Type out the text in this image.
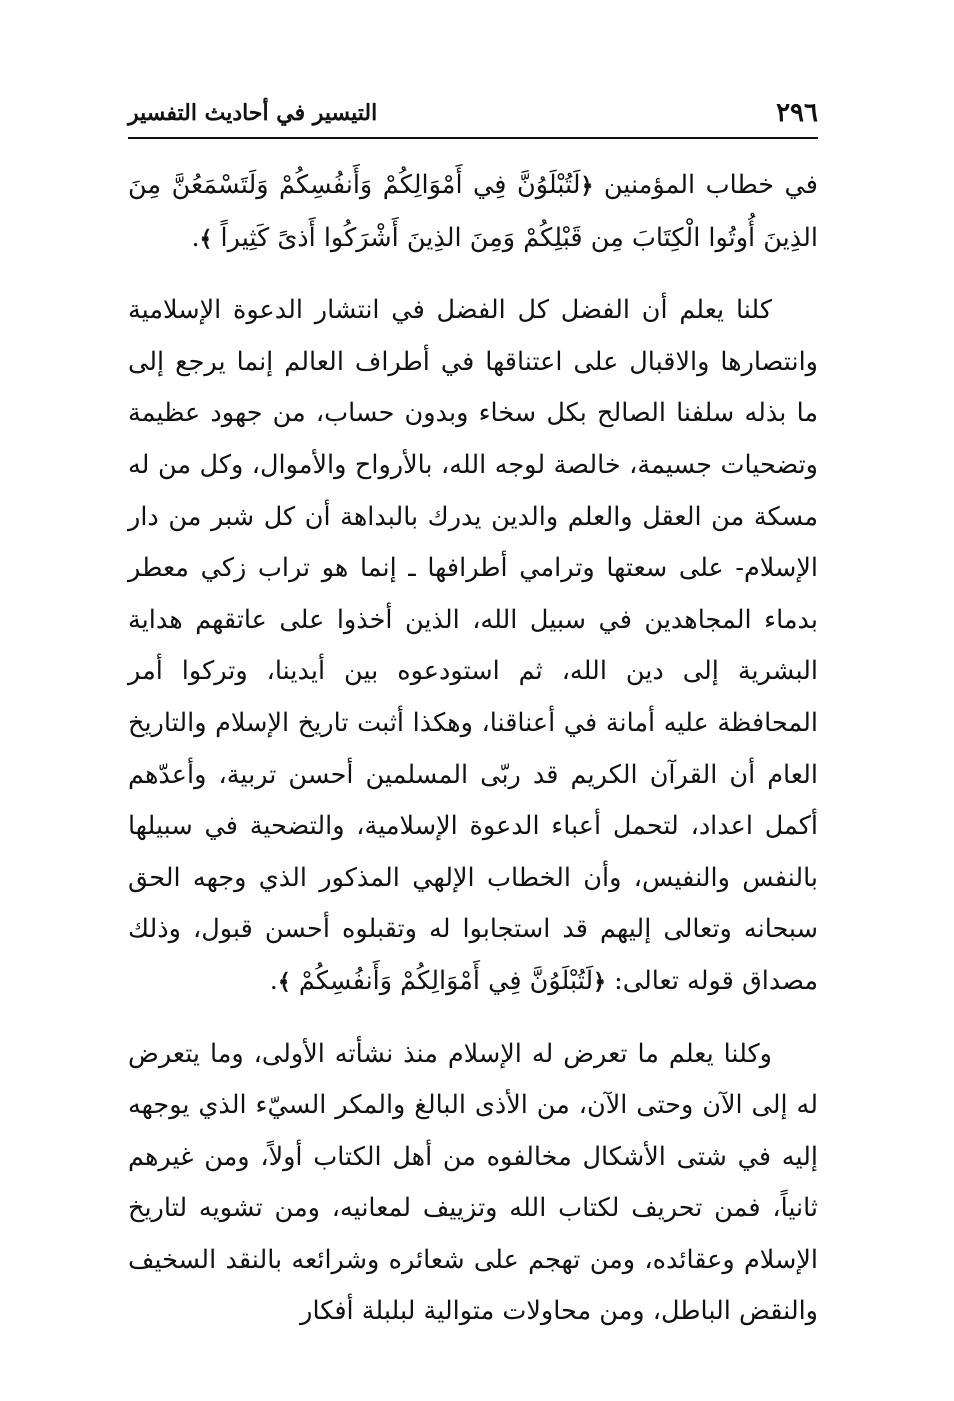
٢٩٦
التيسير في أحاديث التفسير

في خطاب المؤمنين ﴿لَتُبْلَوُنَّ فِي أَمْوَالِكُمْ وَأَنفُسِكُمْ وَلَتَسْمَعُنَّ مِنَ الذِينَ أُوتُوا الْكِتَابَ مِن قَبْلِكُمْ وَمِنَ الذِينَ أَشْرَكُوا أَذىً كَثِيراً ﴾.

كلنا يعلم أن الفضل كل الفضل في انتشار الدعوة الإسلامية وانتصارها والاقبال على اعتناقها في أطراف العالم إنما يرجع إلى ما بذله سلفنا الصالح بكل سخاء وبدون حساب، من جهود عظيمة وتضحيات جسيمة، خالصة لوجه الله، بالأرواح والأموال، وكل من له مسكة من العقل والعلم والدين يدرك بالبداهة أن كل شبر من دار الإسلام- على سعتها وترامي أطرافها ـ إنما هو تراب زكي معطر بدماء المجاهدين في سبيل الله، الذين أخذوا على عاتقهم هداية البشرية إلى دين الله، ثم استودعوه بين أيدينا، وتركوا أمر المحافظة عليه أمانة في أعناقنا، وهكذا أثبت تاريخ الإسلام والتاريخ العام أن القرآن الكريم قد ربّى المسلمين أحسن تربية، وأعدّهم أكمل اعداد، لتحمل أعباء الدعوة الإسلامية، والتضحية في سبيلها بالنفس والنفيس، وأن الخطاب الإلهي المذكور الذي وجهه الحق سبحانه وتعالى إليهم قد استجابوا له وتقبلوه أحسن قبول، وذلك مصداق قوله تعالى: ﴿لَتُبْلَوُنَّ فِي أَمْوَالِكُمْ وَأَنفُسِكُمْ ﴾.

وكلنا يعلم ما تعرض له الإسلام منذ نشأته الأولى، وما يتعرض له إلى الآن وحتى الآن، من الأذى البالغ والمكر السيّء الذي يوجهه إليه في شتى الأشكال مخالفوه من أهل الكتاب أولاً، ومن غيرهم ثانياً، فمن تحريف لكتاب الله وتزييف لمعانيه، ومن تشويه لتاريخ الإسلام وعقائده، ومن تهجم على شعائره وشرائعه بالنقد السخيف والنقض الباطل، ومن محاولات متوالية لبلبلة أفكار
